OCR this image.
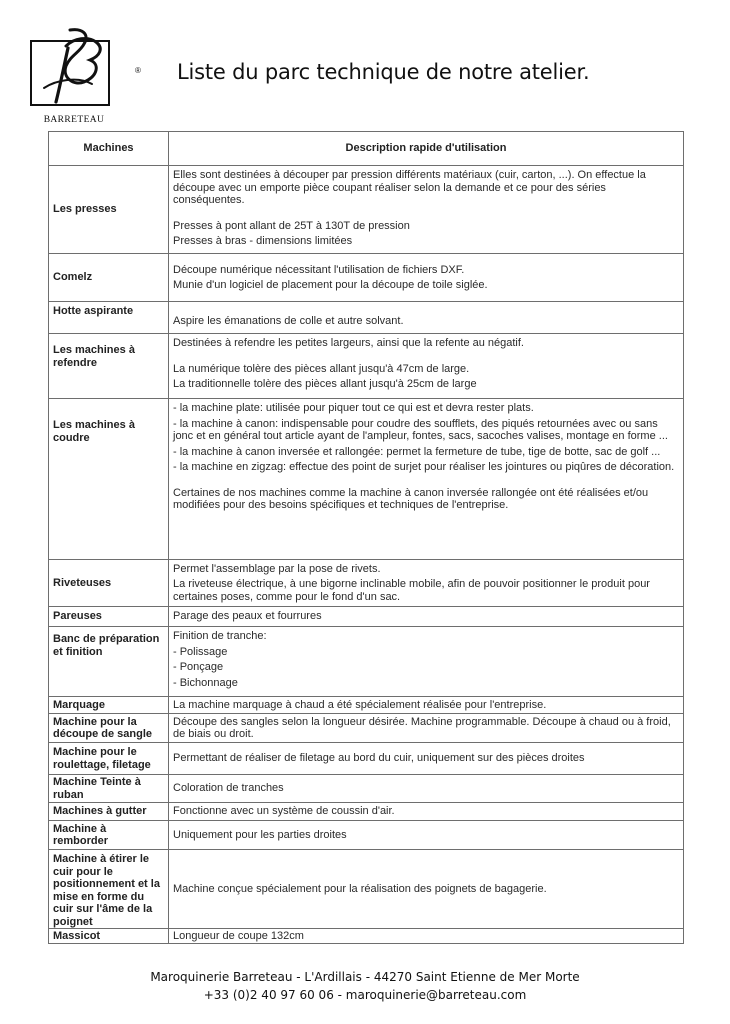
®
BARRETEAU
Liste du parc technique de notre atelier.
Machines	Description rapide d'utilisation
Les presses	Elles sont destinées à découper par pression différents matériaux (cuir, carton, ...). On effectue la découpe avec un emporte pièce coupant réaliser selon la demande et ce pour des séries conséquentes.

Presses à pont allant de 25T à 130T de pression

Presses à bras - dimensions limitées

Comelz	Découpe numérique nécessitant l'utilisation de fichiers DXF.

Munie d'un logiciel de placement pour la découpe de toile siglée.

Hotte aspirante	Aspire les émanations de colle et autre solvant.

Les machines à refendre	Destinées à refendre les petites largeurs, ainsi que la refente au négatif.

La numérique tolère des pièces allant jusqu'à 47cm de large.

La traditionnelle tolère des pièces allant jusqu'à 25cm de large

Les machines à coudre	- la machine plate: utilisée pour piquer tout ce qui est et devra rester plats.

- la machine à canon: indispensable pour coudre des soufflets, des piqués retournées avec ou sans jonc et en général tout article ayant de l'ampleur, fontes, sacs, sacoches valises, montage en forme ...

- la machine à canon inversée et rallongée: permet la fermeture de tube, tige de botte, sac de golf ...

- la machine en zigzag: effectue des point de surjet pour réaliser les jointures ou piqûres de décoration.

Certaines de nos machines comme la machine à canon inversée rallongée ont été réalisées et/ou modifiées pour des besoins spécifiques et techniques de l'entreprise.

Riveteuses	Permet l'assemblage par la pose de rivets.

La riveteuse électrique, à une bigorne inclinable mobile, afin de pouvoir positionner le produit pour certaines poses, comme pour le fond d'un sac.

Pareuses	Parage des peaux et fourrures

Banc de préparation et finition	Finition de tranche:

- Polissage

- Ponçage

- Bichonnage

Marquage	La machine marquage à chaud a été spécialement réalisée pour l'entreprise.

Machine pour la découpe de sangle	Découpe des sangles selon la longueur désirée. Machine programmable. Découpe à chaud ou à froid, de biais ou droit.

Machine pour le roulettage, filetage	Permettant de réaliser de filetage au bord du cuir, uniquement sur des pièces droites

Machine Teinte à ruban	Coloration de tranches

Machines à gutter	Fonctionne avec un système de coussin d'air.

Machine à remborder	Uniquement pour les parties droites

Machine à étirer le cuir pour le positionnement et la mise en forme du cuir sur l'âme de la poignet	Machine conçue spécialement pour la réalisation des poignets de bagagerie.

Massicot	Longueur de coupe 132cm

Maroquinerie Barreteau - L'Ardillais - 44270 Saint Etienne de Mer Morte
+33 (0)2 40 97 60 06 - maroquinerie@barreteau.com
